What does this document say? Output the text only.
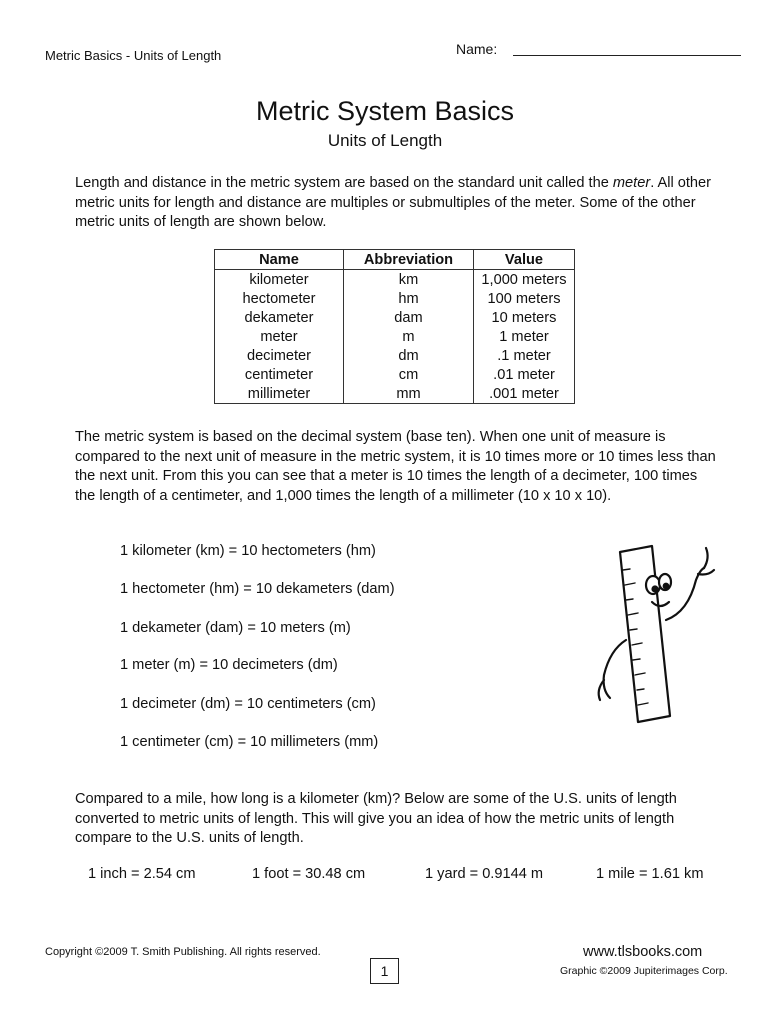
Metric Basics - Units of Length	Name:
Metric System Basics
Units of Length
Length and distance in the metric system are based on the standard unit called the meter. All other metric units for length and distance are multiples or submultiples of the meter. Some of the other metric units of length are shown below.
Name	Abbreviation	Value
kilometer	km	1,000 meters
hectometer	hm	100 meters
dekameter	dam	10 meters
meter	m	1 meter
decimeter	dm	.1 meter
centimeter	cm	.01 meter
millimeter	mm	.001 meter
The metric system is based on the decimal system (base ten). When one unit of measure is compared to the next unit of measure in the metric system, it is 10 times more or 10 times less than the next unit. From this you can see that a meter is 10 times the length of a decimeter, 100 times the length of a centimeter, and 1,000 times the length of a millimeter (10 x 10 x 10).
1 kilometer (km) = 10 hectometers (hm)
1 hectometer (hm) = 10 dekameters (dam)
1 dekameter (dam) = 10 meters (m)
1 meter (m) = 10 decimeters (dm)
1 decimeter (dm) = 10 centimeters (cm)
1 centimeter (cm) = 10 millimeters (mm)
Compared to a mile, how long is a kilometer (km)? Below are some of the U.S. units of length converted to metric units of length. This will give you an idea of how the metric units of length compare to the U.S. units of length.
1 inch = 2.54 cm	1 foot = 30.48 cm	1 yard = 0.9144 m	1 mile = 1.61 km
Copyright ©2009 T. Smith Publishing. All rights reserved.
1
www.tlsbooks.com
Graphic ©2009 Jupiterimages Corp.
